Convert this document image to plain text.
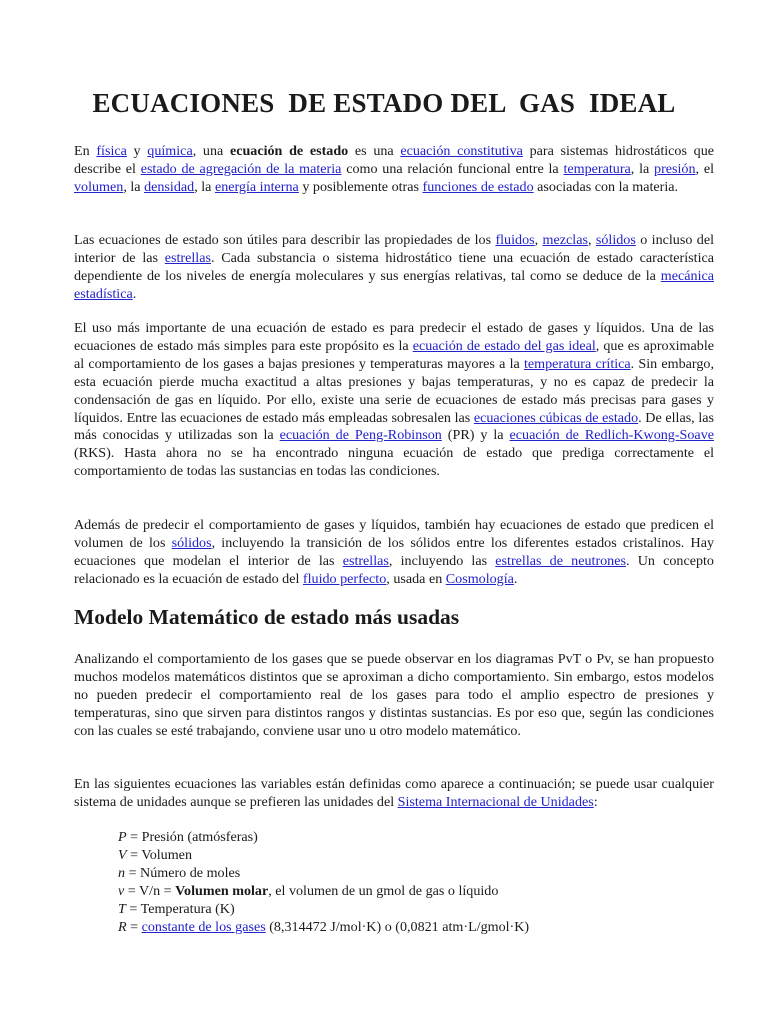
ECUACIONES  DE ESTADO DEL  GAS  IDEAL

En física y química, una ecuación de estado es una ecuación constitutiva para sistemas hidrostáticos que describe el estado de agregación de la materia como una relación funcional entre la temperatura, la presión, el volumen, la densidad, la energía interna y posiblemente otras funciones de estado asociadas con la materia.

Las ecuaciones de estado son útiles para describir las propiedades de los fluidos, mezclas, sólidos o incluso del interior de las estrellas. Cada substancia o sistema hidrostático tiene una ecuación de estado característica dependiente de los niveles de energía moleculares y sus energías relativas, tal como se deduce de la mecánica estadística.

El uso más importante de una ecuación de estado es para predecir el estado de gases y líquidos. Una de las ecuaciones de estado más simples para este propósito es la ecuación de estado del gas ideal, que es aproximable al comportamiento de los gases a bajas presiones y temperaturas mayores a la temperatura crítica. Sin embargo, esta ecuación pierde mucha exactitud a altas presiones y bajas temperaturas, y no es capaz de predecir la condensación de gas en líquido. Por ello, existe una serie de ecuaciones de estado más precisas para gases y líquidos. Entre las ecuaciones de estado más empleadas sobresalen las ecuaciones cúbicas de estado. De ellas, las más conocidas y utilizadas son la ecuación de Peng-Robinson (PR) y la ecuación de Redlich-Kwong-Soave (RKS). Hasta ahora no se ha encontrado ninguna ecuación de estado que prediga correctamente el comportamiento de todas las sustancias en todas las condiciones.

Además de predecir el comportamiento de gases y líquidos, también hay ecuaciones de estado que predicen el volumen de los sólidos, incluyendo la transición de los sólidos entre los diferentes estados cristalinos. Hay ecuaciones que modelan el interior de las estrellas, incluyendo las estrellas de neutrones. Un concepto relacionado es la ecuación de estado del fluido perfecto, usada en Cosmología.

Modelo Matemático de estado más usadas

Analizando el comportamiento de los gases que se puede observar en los diagramas PvT o Pv, se han propuesto muchos modelos matemáticos distintos que se aproximan a dicho comportamiento. Sin embargo, estos modelos no pueden predecir el comportamiento real de los gases para todo el amplio espectro de presiones y temperaturas, sino que sirven para distintos rangos y distintas sustancias. Es por eso que, según las condiciones con las cuales se esté trabajando, conviene usar uno u otro modelo matemático.

En las siguientes ecuaciones las variables están definidas como aparece a continuación; se puede usar cualquier sistema de unidades aunque se prefieren las unidades del Sistema Internacional de Unidades:

P = Presión (atmósferas)
V = Volumen
n = Número de moles
v = V/n = Volumen molar, el volumen de un gmol de gas o líquido
T = Temperatura (K)
R = constante de los gases (8,314472 J/mol·K) o (0,0821 atm·L/gmol·K)
